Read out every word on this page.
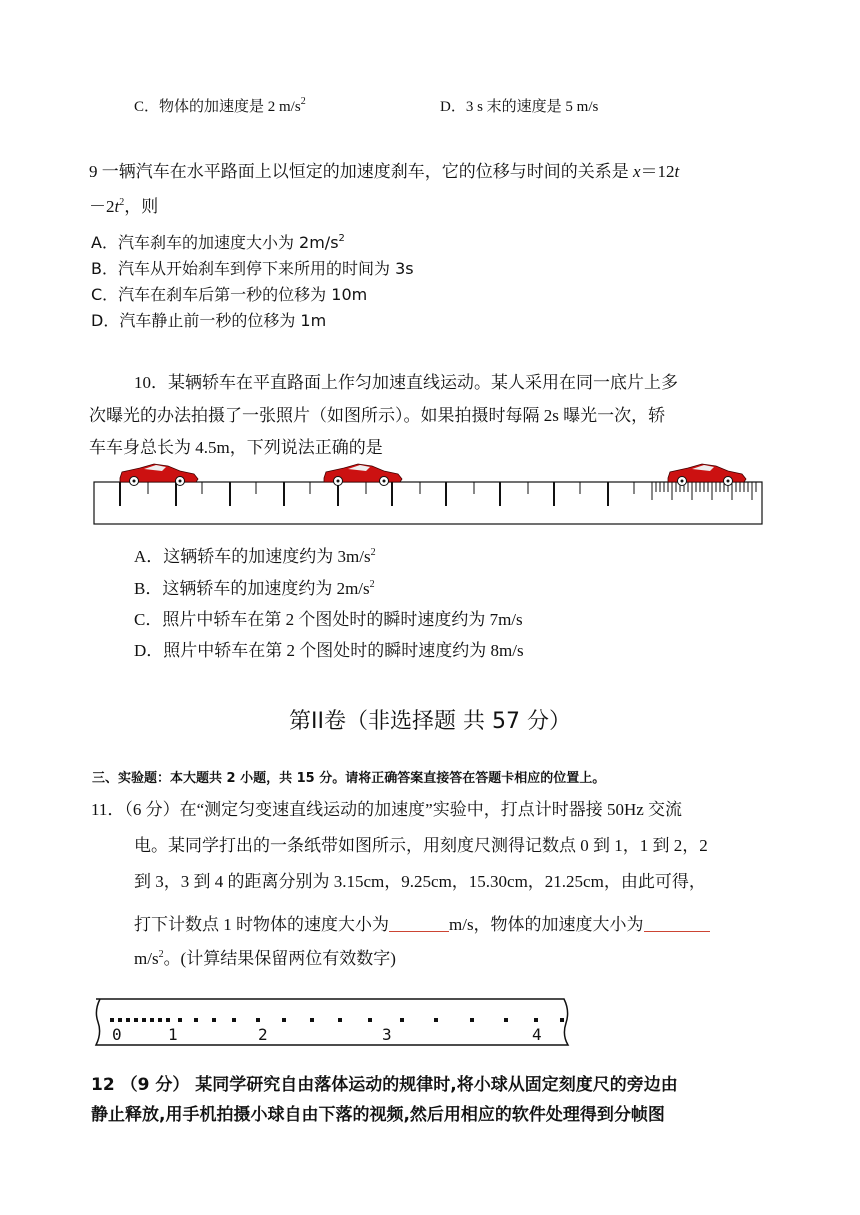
C．物体的加速度是 2 $m/s^2$	D．3 s 末的速度是 5 m/s
9 一辆汽车在水平路面上以恒定的加速度刹车，它的位移与时间的关系是 x＝12t
$-2t^2$，则
A．汽车刹车的加速度大小为 $2m/s^2$
B．汽车从开始刹车到停下来所用的时间为 3s
C．汽车在刹车后第一秒的位移为 10m
D．汽车静止前一秒的位移为 1m
10．某辆轿车在平直路面上作匀加速直线运动。某人采用在同一底片上多
次曝光的办法拍摄了一张照片（如图所示）。如果拍摄时每隔 2s 曝光一次，轿
车车身总长为 4.5m，下列说法正确的是
A．这辆轿车的加速度约为 $3m/s^2$
B．这辆轿车的加速度约为 $2m/s^2$
C．照片中轿车在第 2 个图处时的瞬时速度约为 7m/s
D．照片中轿车在第 2 个图处时的瞬时速度约为 8m/s
第II卷（非选择题 共 57 分）
三、实验题：本大题共 2 小题，共 15 分。请将正确答案直接答在答题卡相应的位置上。
11．（6 分）在“测定匀变速直线运动的加速度”实验中，打点计时器接 50Hz 交流
电。某同学打出的一条纸带如图所示，用刻度尺测得记数点 0 到 1，1 到 2，2
到 3，3 到 4 的距离分别为 3.15cm，9.25cm，15.30cm，21.25cm，由此可得，
打下计数点 1 时物体的速度大小为	m/s，物体的加速度大小为
$m/s^2$。(计算结果保留两位有效数字)
0	1	2	3	4
12 （9 分） 某同学研究自由落体运动的规律时,将小球从固定刻度尺的旁边由
静止释放,用手机拍摄小球自由下落的视频,然后用相应的软件处理得到分帧图
